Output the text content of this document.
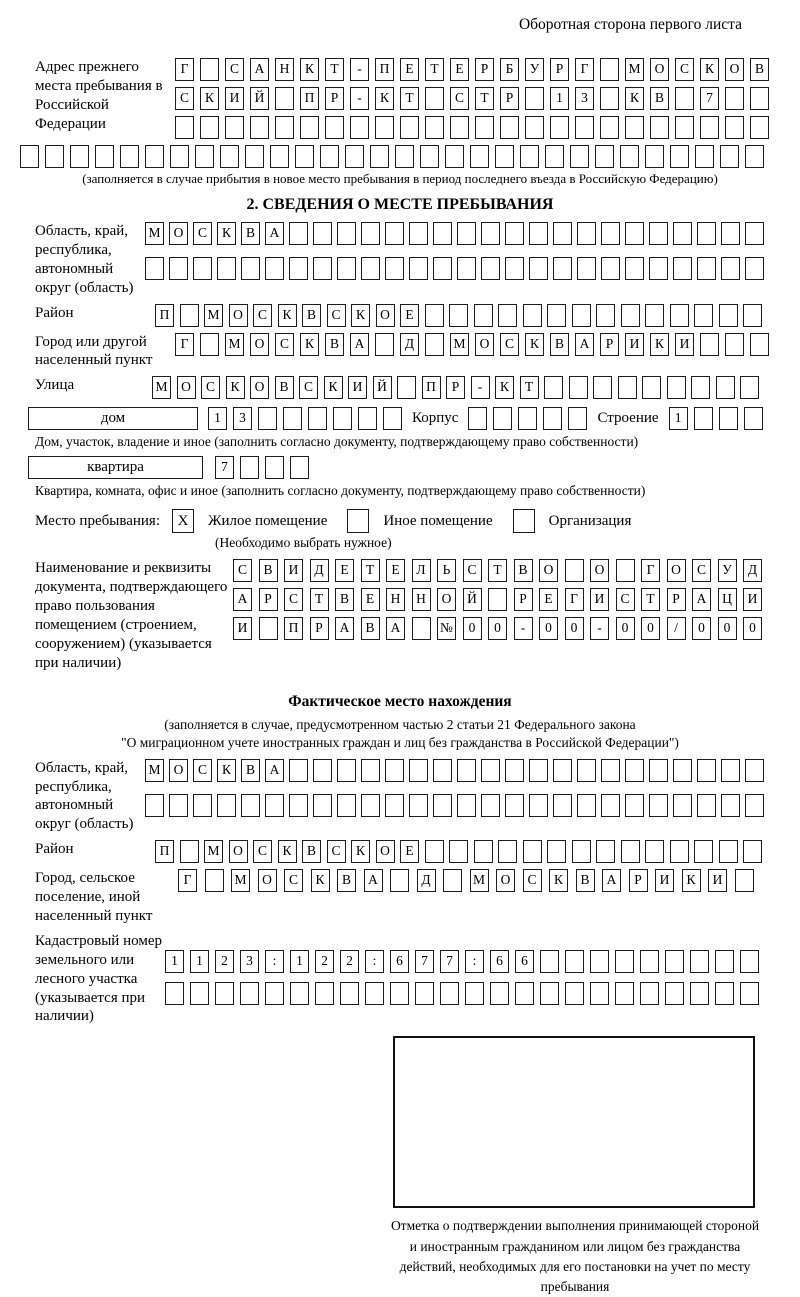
Оборотная сторона первого листа
Адрес прежнего места пребывания в Российской Федерации
Г	С	А	Н	К	Т	-	П	Е	Т	Е	Р	Б	У	Р	Г	М	О	С	К	О	В
С	К	И	Й	П	Р	-	К	Т	С	Т	Р	1	3	К	В	7
(заполняется в случае прибытия в новое место пребывания в период последнего въезда в Российскую Федерацию)
2. СВЕДЕНИЯ О МЕСТЕ ПРЕБЫВАНИЯ
Область, край, республика, автономный округ (область)
М О	С	К	В	А
Район	П	М	О	С	К	В	С	К	О	Е
Город или другой населенный пункт
Г	М	О	С	К	В	А	Д	М	О	С	К	В	А	Р	И	К	И
Улица	М	О	С	К	О	В	С	К	И	Й	П	Р	-	К	Т
дом	1	3	Корпус	Строение	1
Дом, участок, владение и иное (заполнить согласно документу, подтверждающему право собственности)
квартира	7
Квартира, комната, офис и иное (заполнить согласно документу, подтверждающему право собственности)
Место пребывания:	X	Жилое помещение	Иное помещение	Организация
(Необходимо выбрать нужное)
Наименование и реквизиты документа, подтверждающего право пользования помещением (строением, сооружением) (указывается при наличии)
С	В	И	Д	Е	Т	Е	Л	Ь	С	Т	В	О	О	Г	О	С	У	Д
А	Р	С	Т	В	Е	Н	Н	О	Й	Р	Е	Г	И	С	Т	Р	А	Ц	И
И	П	Р	А	В	А	№	0	0	-	0	0	-	0	0	/	0	0	0
Фактическое место нахождения
(заполняется в случае, предусмотренном частью 2 статьи 21 Федерального закона
"О миграционном учете иностранных граждан и лиц без гражданства в Российской Федерации")
Область, край, республика, автономный округ (область)
М О	С	К	В	А
Район	П	М	О	С	К	В	С	К	О	Е
Город, сельское поселение, иной населенный пункт
Г	М	О	С	К	В	А	Д	М	О	С	К	В	А	Р	И	К	И
Кадастровый номер земельного или лесного участка (указывается при наличии)
1	1	2	3	:	1	2	2	:	6	7	7	:	6	6
Отметка о подтверждении выполнения принимающей стороной и иностранным гражданином или лицом без гражданства действий, необходимых для его постановки на учет по месту пребывания
